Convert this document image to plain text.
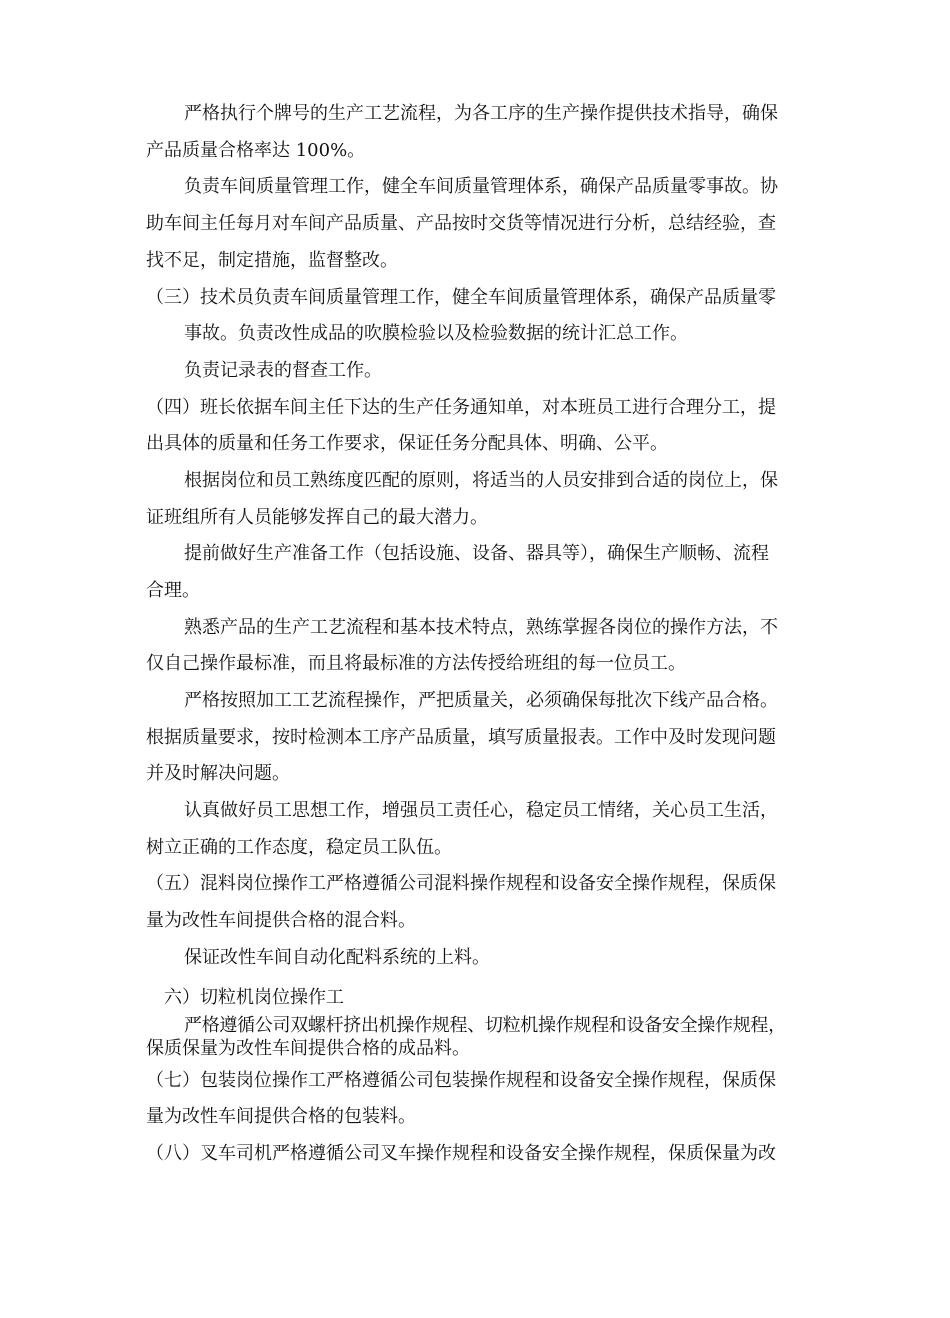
严格执行个牌号的生产工艺流程，为各工序的生产操作提供技术指导，确保
产品质量合格率达 100%。
负责车间质量管理工作，健全车间质量管理体系，确保产品质量零事故。协
助车间主任每月对车间产品质量、产品按时交货等情况进行分析，总结经验，查
找不足，制定措施，监督整改。
（三）技术员负责车间质量管理工作，健全车间质量管理体系，确保产品质量零
事故。负责改性成品的吹膜检验以及检验数据的统计汇总工作。
负责记录表的督查工作。
（四）班长依据车间主任下达的生产任务通知单，对本班员工进行合理分工，提
出具体的质量和任务工作要求，保证任务分配具体、明确、公平。
根据岗位和员工熟练度匹配的原则，将适当的人员安排到合适的岗位上，保
证班组所有人员能够发挥自己的最大潜力。
提前做好生产准备工作（包括设施、设备、器具等），确保生产顺畅、流程
合理。
熟悉产品的生产工艺流程和基本技术特点，熟练掌握各岗位的操作方法，不
仅自己操作最标准，而且将最标准的方法传授给班组的每一位员工。
严格按照加工工艺流程操作，严把质量关，必须确保每批次下线产品合格。
根据质量要求，按时检测本工序产品质量，填写质量报表。工作中及时发现问题
并及时解决问题。
认真做好员工思想工作，增强员工责任心，稳定员工情绪，关心员工生活，
树立正确的工作态度，稳定员工队伍。
（五）混料岗位操作工严格遵循公司混料操作规程和设备安全操作规程，保质保
量为改性车间提供合格的混合料。
保证改性车间自动化配料系统的上料。
六）切粒机岗位操作工
严格遵循公司双螺杆挤出机操作规程、切粒机操作规程和设备安全操作规程，
保质保量为改性车间提供合格的成品料。
（七）包装岗位操作工严格遵循公司包装操作规程和设备安全操作规程，保质保
量为改性车间提供合格的包装料。
（八）叉车司机严格遵循公司叉车操作规程和设备安全操作规程，保质保量为改
